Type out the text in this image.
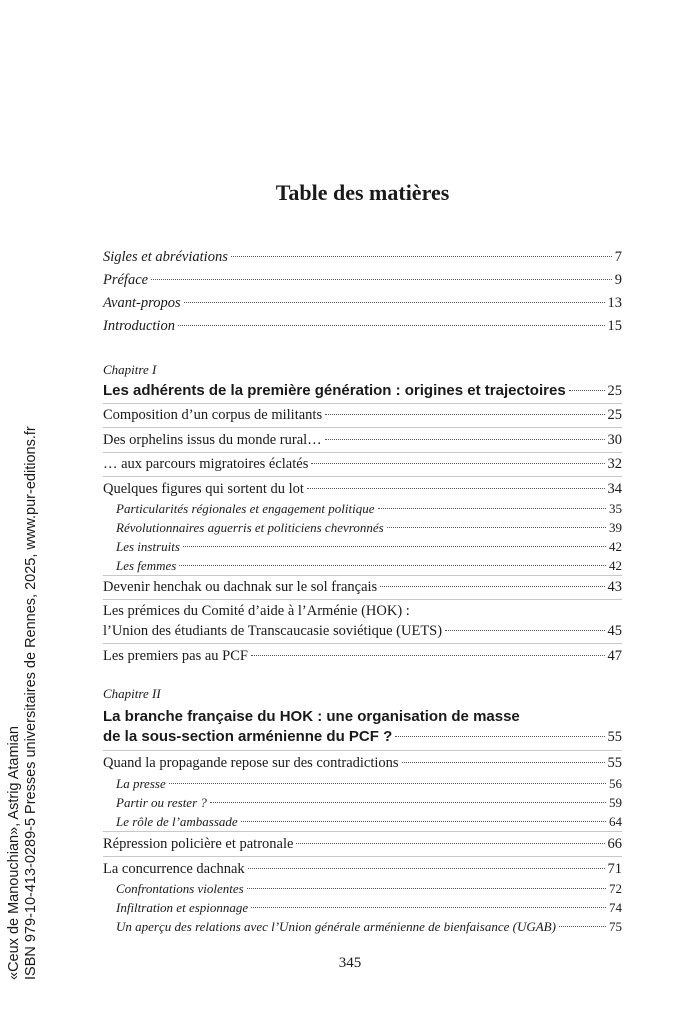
«Ceux de Manouchian», Astrig Atamian ISBN 979-10-413-0289-5 Presses universitaires de Rennes, 2025, www.pur-editions.fr
Table des matières
Sigles et abréviations	7
Préface	9
Avant-propos	13
Introduction	15
Chapitre I
Les adhérents de la première génération : origines et trajectoires	25
Composition d’un corpus de militants	25
Des orphelins issus du monde rural…	30
… aux parcours migratoires éclatés	32
Quelques figures qui sortent du lot	34
Particularités régionales et engagement politique	35
Révolutionnaires aguerris et politiciens chevronnés	39
Les instruits	42
Les femmes	42
Devenir henchak ou dachnak sur le sol français	43
Les prémices du Comité d’aide à l’Arménie (HOK) :
l’Union des étudiants de Transcaucasie soviétique (UETS)	45
Les premiers pas au PCF	47
Chapitre II
La branche française du HOK : une organisation de masse
de la sous-section arménienne du PCF ?	55
Quand la propagande repose sur des contradictions	55
La presse	56
Partir ou rester ?	59
Le rôle de l’ambassade	64
Répression policière et patronale	66
La concurrence dachnak	71
Confrontations violentes	72
Infiltration et espionnage	74
Un aperçu des relations avec l’Union générale arménienne de bienfaisance (UGAB)	75
345
